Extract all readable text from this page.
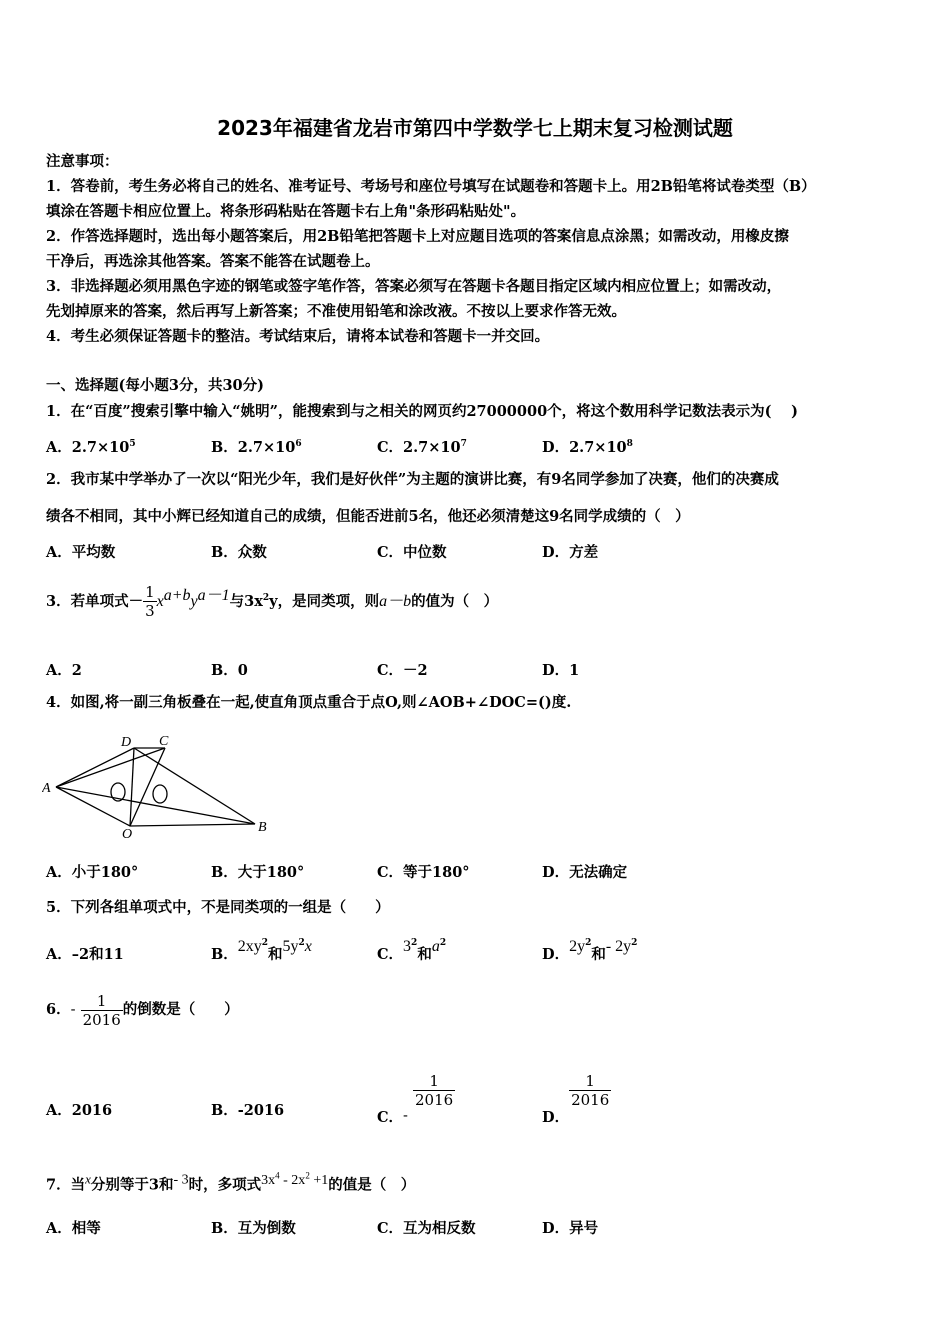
2023年福建省龙岩市第四中学数学七上期末复习检测试题
注意事项：
1．答卷前，考生务必将自己的姓名、准考证号、考场号和座位号填写在试题卷和答题卡上。用2B铅笔将试卷类型（B）
填涂在答题卡相应位置上。将条形码粘贴在答题卡右上角"条形码粘贴处"。
2．作答选择题时，选出每小题答案后，用2B铅笔把答题卡上对应题目选项的答案信息点涂黑；如需改动，用橡皮擦
干净后，再选涂其他答案。答案不能答在试题卷上。
3．非选择题必须用黑色字迹的钢笔或签字笔作答，答案必须写在答题卡各题目指定区域内相应位置上；如需改动，
先划掉原来的答案，然后再写上新答案；不准使用铅笔和涂改液。不按以上要求作答无效。
4．考生必须保证答题卡的整洁。考试结束后，请将本试卷和答题卡一并交回。
一、选择题(每小题3分，共30分)
1．在“百度”搜索引擎中输入“姚明”，能搜索到与之相关的网页约27000000个，将这个数用科学记数法表示为(　 )
A．$2.7\times 10^5$	B．$2.7\times 10^6$	C．$2.7\times 10^7$	D．$2.7\times 10^8$
2．我市某中学举办了一次以“阳光少年，我们是好伙伴”为主题的演讲比赛，有9名同学参加了决赛，他们的决赛成
绩各不相同，其中小辉已经知道自己的成绩，但能否进前5名，他还必须清楚这9名同学成绩的（　）
A．平均数	B．众数	C．中位数	D．方差
3．若单项式－ $\frac{1}{3} x^{a+b}y^{a-1}$与$3x^2y$，是同类项，则a－b的值为（　）
A．2	B．0	C．－2	D．1
4．如图,将一副三角板叠在一起,使直角顶点重合于点O,则∠AOB+∠DOC=()度.
A
D C
O	B
A．小于180°	B．大于180°	C．等于180°	D．无法确定
5．下列各组单项式中，不是同类项的一组是（　　）
A．–2和11	B．$2xy^2$和$5y^2x$	C．$3^2$和$a^2$
D．$2y^2$和- $2y^2$
6．- $\frac{1}{2016}$ 的倒数是（　　）
A．2016	B．-2016	C．-
$\frac{1}{2016}$
D．
$\frac{1}{2016}$
7．当$^x$分别等于3和$^{- 3}$时，多项式$^{3x^4 - 2x^2 +1}$的值是（　）
A．相等	B．互为倒数	C．互为相反数	D．异号
